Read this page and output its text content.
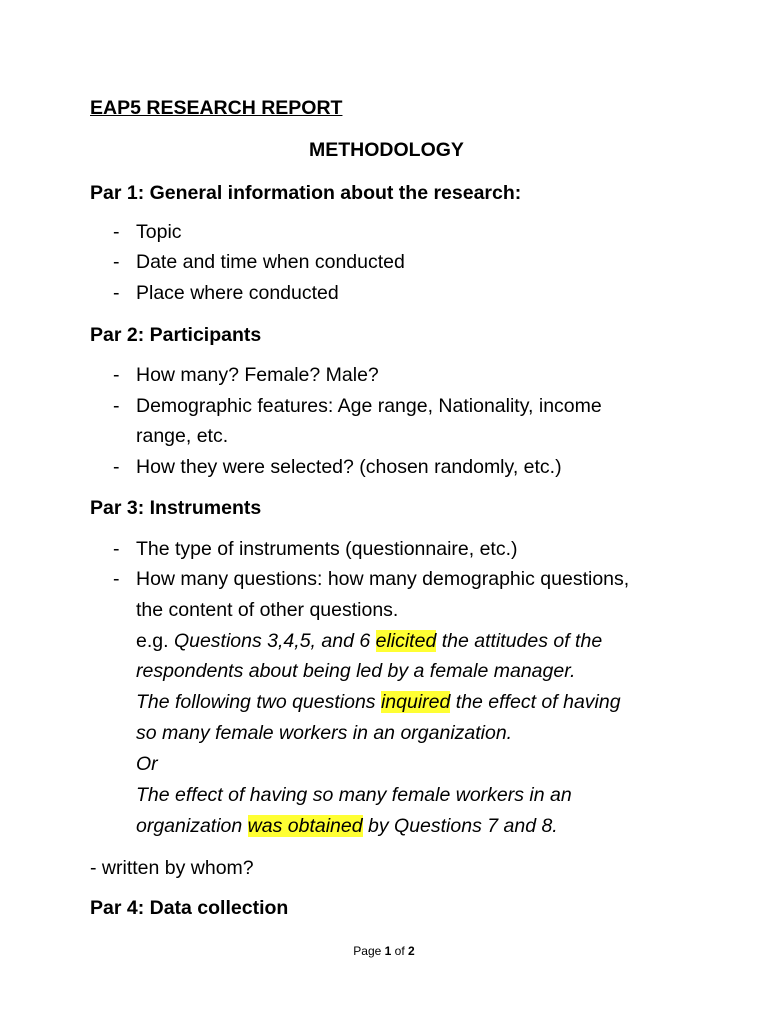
EAP5 RESEARCH REPORT
METHODOLOGY
Par 1: General information about the research:
- Topic
- Date and time when conducted
- Place where conducted
Par 2: Participants
- How many? Female? Male?
- Demographic features: Age range, Nationality, income
range, etc.
- How they were selected? (chosen randomly, etc.)
Par 3: Instruments
- The type of instruments (questionnaire, etc.)
- How many questions: how many demographic questions,
the content of other questions.
e.g. Questions 3,4,5, and 6 elicited the attitudes of the
respondents about being led by a female manager.
The following two questions inquired the effect of having
so many female workers in an organization.
Or
The effect of having so many female workers in an
organization was obtained by Questions 7 and 8.
- written by whom?
Par 4: Data collection
Page 1 of 2
